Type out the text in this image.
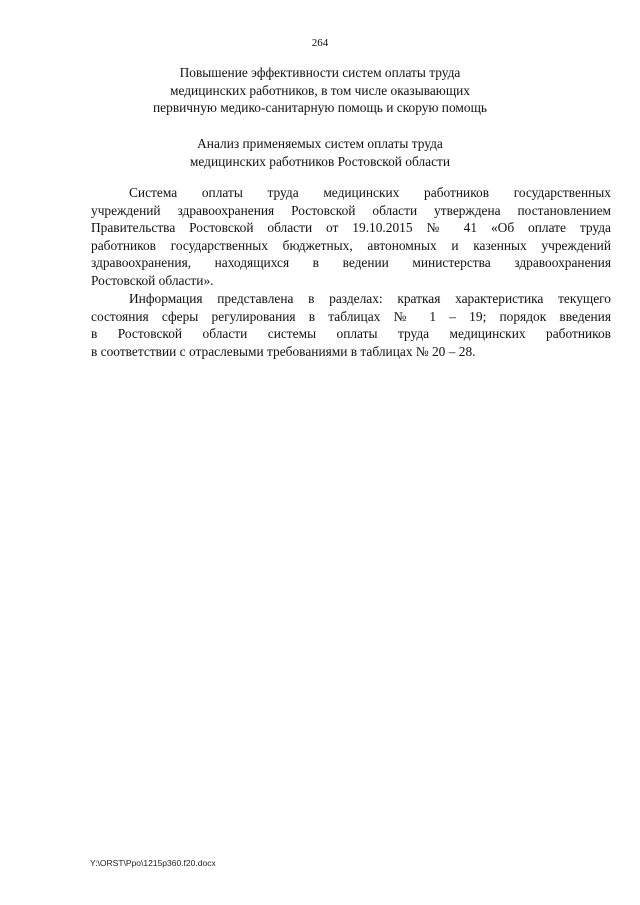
264
Повышение эффективности систем оплаты труда
медицинских работников, в том числе оказывающих
первичную медико-санитарную помощь и скорую помощь
Анализ применяемых систем оплаты труда
медицинских работников Ростовской области
Система оплаты труда медицинских работников государственных
учреждений здравоохранения Ростовской области утверждена постановлением
Правительства Ростовской области от 19.10.2015 № 41 «Об оплате труда
работников государственных бюджетных, автономных и казенных учреждений
здравоохранения, находящихся в ведении министерства здравоохранения
Ростовской области».
Информация представлена в разделах: краткая характеристика текущего
состояния сферы регулирования в таблицах № 1 – 19; порядок введения
в Ростовской области системы оплаты труда медицинских работников
в соответствии с отраслевыми требованиями в таблицах № 20 – 28.
Y:\ORST\Ppo\1215p360.f20.docx
